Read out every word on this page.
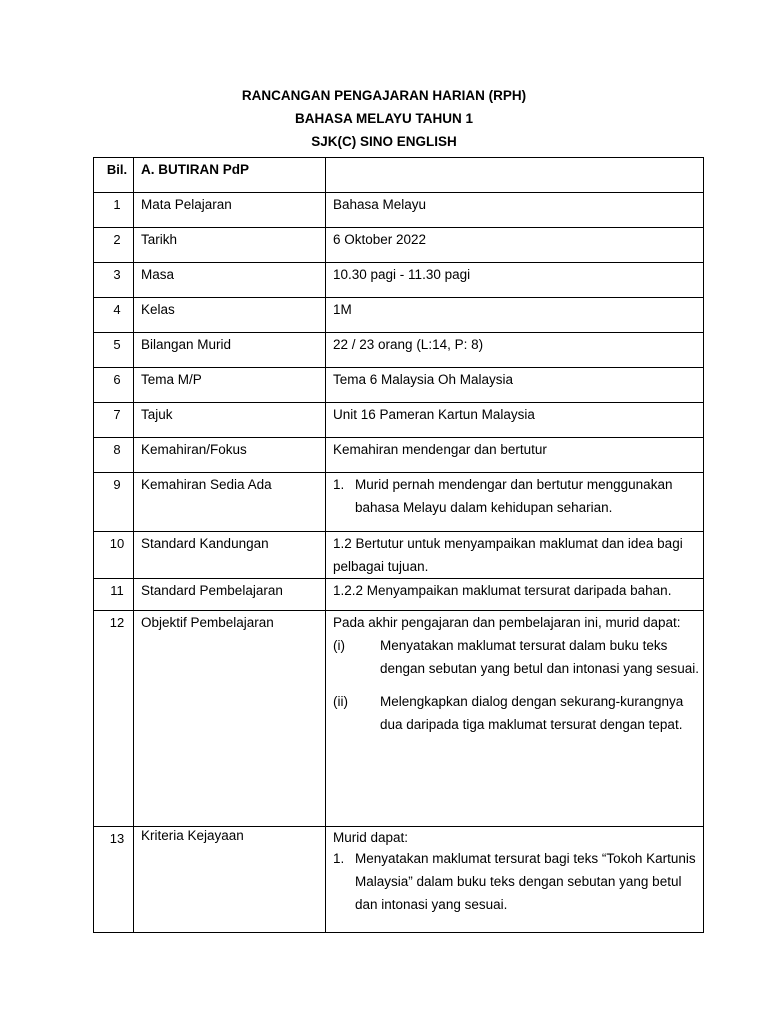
RANCANGAN PENGAJARAN HARIAN (RPH)
BAHASA MELAYU TAHUN 1
SJK(C) SINO ENGLISH
Bil.	A. BUTIRAN PdP	
1	Mata Pelajaran	Bahasa Melayu
2	Tarikh	6 Oktober 2022
3	Masa	10.30 pagi - 11.30 pagi
4	Kelas	1M
5	Bilangan Murid	22 / 23 orang (L:14, P: 8)
6	Tema M/P	Tema 6 Malaysia Oh Malaysia
7	Tajuk	Unit 16 Pameran Kartun Malaysia
8	Kemahiran/Fokus	Kemahiran mendengar dan bertutur
9	Kemahiran Sedia Ada	1. Murid pernah mendengar dan bertutur menggunakan bahasa Melayu dalam kehidupan seharian.

10	Standard Kandungan	1.2 Bertutur untuk menyampaikan maklumat dan idea bagi pelbagai tujuan.
11	Standard Pembelajaran	1.2.2 Menyampaikan maklumat tersurat daripada bahan.
12	Objektif Pembelajaran	Pada akhir pengajaran dan pembelajaran ini, murid dapat:
(i) Menyatakan maklumat tersurat dalam buku teks dengan sebutan yang betul dan intonasi yang sesuai.
(ii) Melengkapkan dialog dengan sekurang-kurangnya dua daripada tiga maklumat tersurat dengan tepat.

13	Kriteria Kejayaan	Murid dapat:
1. Menyatakan maklumat tersurat bagi teks “Tokoh Kartunis Malaysia” dalam buku teks dengan sebutan yang betul dan intonasi yang sesuai.
